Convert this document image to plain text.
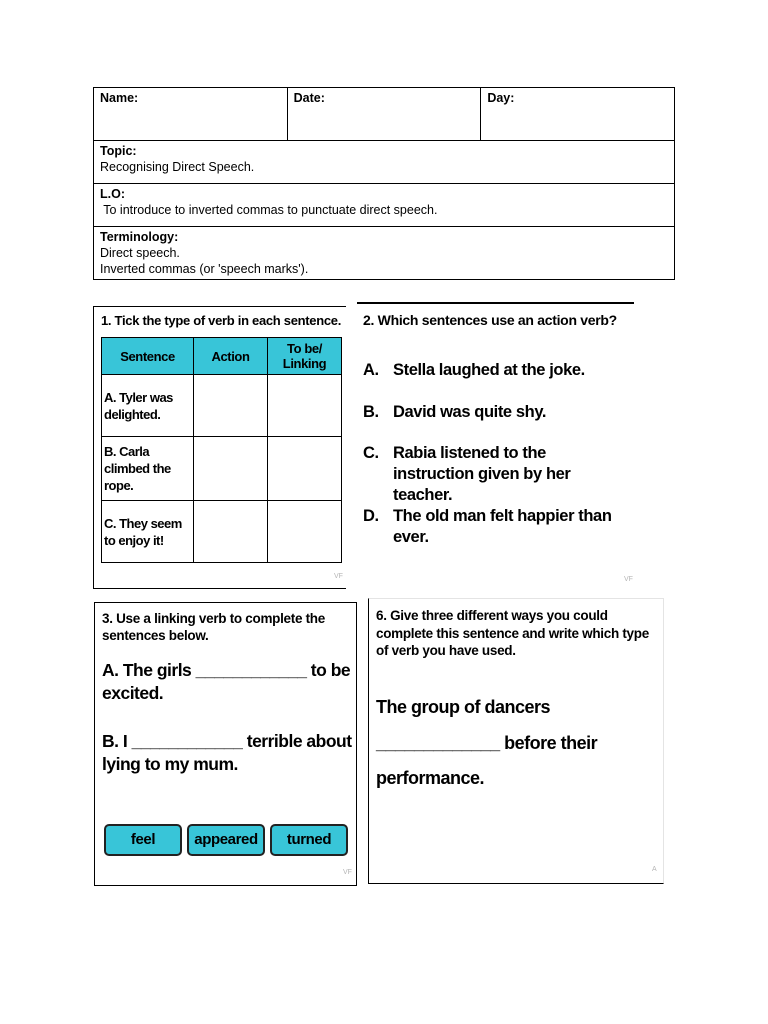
Name:	Date:	Day:

Topic:
Recognising Direct Speech.

L.O:
To introduce to inverted commas to punctuate direct speech.

Terminology:
Direct speech.
Inverted commas (or 'speech marks').
1. Tick the type of verb in each sentence.
Sentence	Action	To be/ Linking
A. Tyler was delighted.		
B. Carla climbed the rope.		
C. They seem to enjoy it!		
VF
2. Which sentences use an action verb?
A. Stella laughed at the joke.
B. David was quite shy.
C. Rabia listened to the instruction given by her teacher.
D. The old man felt happier than ever.
VF
3. Use a linking verb to complete the sentences below.
A. The girls ____________ to be excited.
B. I ____________ terrible about lying to my mum.
feel	appeared	turned
VF
6. Give three different ways you could complete this sentence and write which type of verb you have used.
The group of dancers
_____________ before their
performance.
A
